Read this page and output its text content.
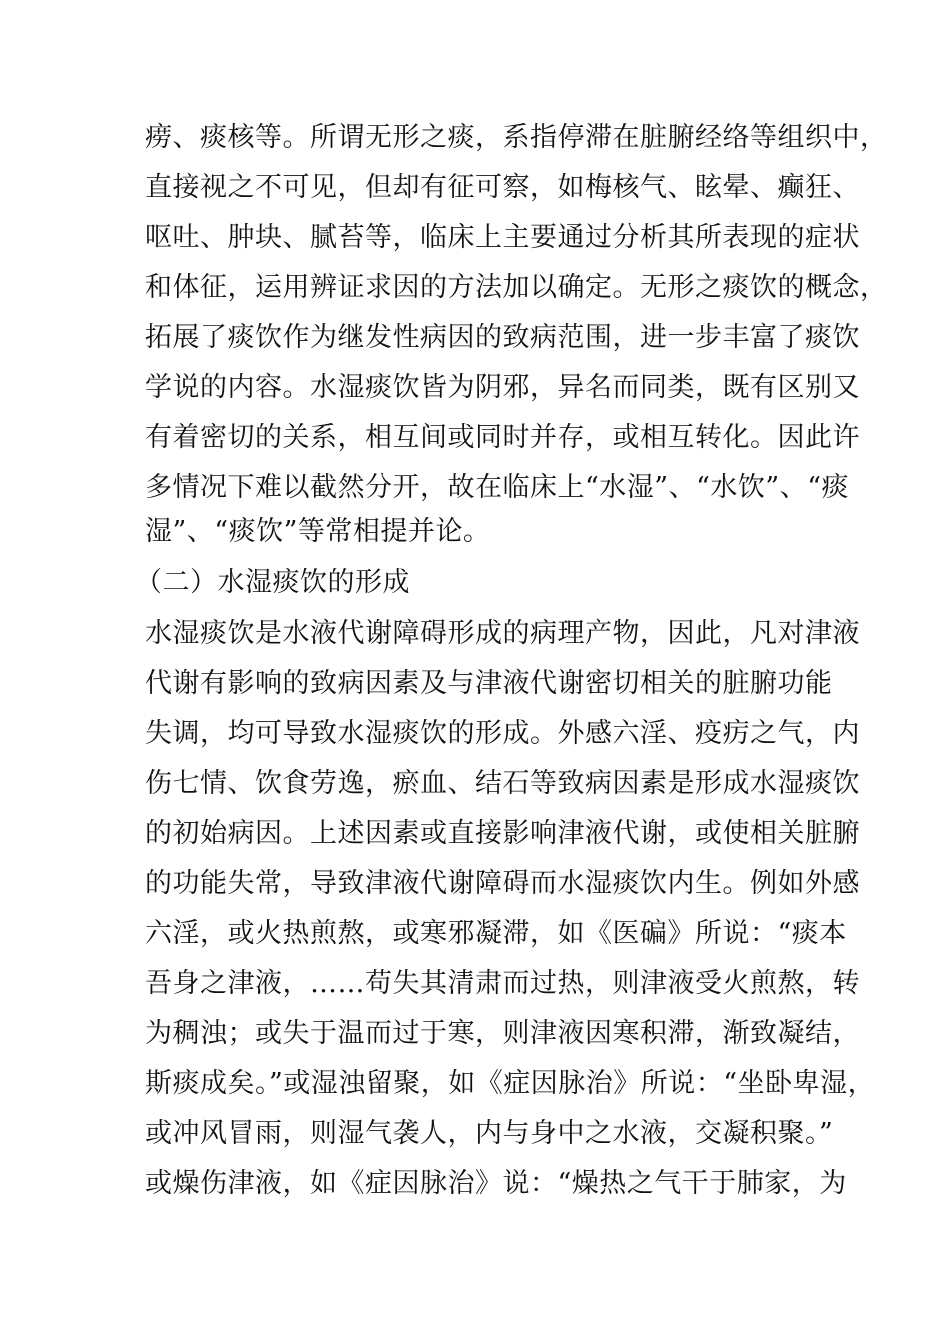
痨、痰核等。所谓无形之痰，系指停滞在脏腑经络等组织中，
直接视之不可见，但却有征可察，如梅核气、眩晕、癫狂、
呕吐、肿块、腻苔等，临床上主要通过分析其所表现的症状
和体征，运用辨证求因的方法加以确定。无形之痰饮的概念，
拓展了痰饮作为继发性病因的致病范围，进一步丰富了痰饮
学说的内容。水湿痰饮皆为阴邪，异名而同类，既有区别又
有着密切的关系，相互间或同时并存，或相互转化。因此许
多情况下难以截然分开，故在临床上“水湿”、“水饮”、“痰
湿”、“痰饮”等常相提并论。
（二）水湿痰饮的形成
水湿痰饮是水液代谢障碍形成的病理产物，因此，凡对津液
代谢有影响的致病因素及与津液代谢密切相关的脏腑功能
失调，均可导致水湿痰饮的形成。外感六淫、疫疠之气，内
伤七情、饮食劳逸，瘀血、结石等致病因素是形成水湿痰饮
的初始病因。上述因素或直接影响津液代谢，或使相关脏腑
的功能失常，导致津液代谢障碍而水湿痰饮内生。例如外感
六淫，或火热煎熬，或寒邪凝滞，如《医碥》所说：“痰本
吾身之津液，……苟失其清肃而过热，则津液受火煎熬，转
为稠浊；或失于温而过于寒，则津液因寒积滞，渐致凝结，
斯痰成矣。”或湿浊留聚，如《症因脉治》所说：“坐卧卑湿，
或冲风冒雨，则湿气袭人，内与身中之水液，交凝积聚。”
或燥伤津液，如《症因脉治》说：“燥热之气干于肺家，为
